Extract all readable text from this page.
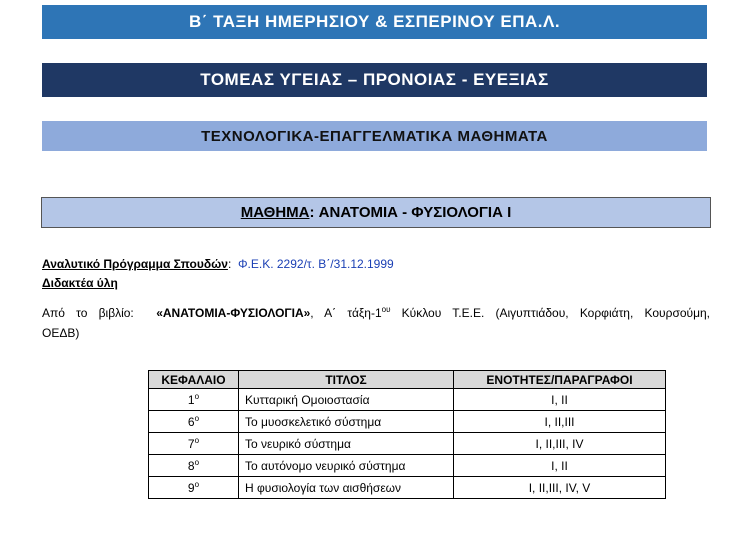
Β΄ ΤΑΞΗ ΗΜΕΡΗΣΙΟΥ & ΕΣΠΕΡΙΝΟΥ ΕΠΑ.Λ.
ΤΟΜΕΑΣ ΥΓΕΙΑΣ – ΠΡΟΝΟΙΑΣ - ΕΥΕΞΙΑΣ
ΤΕΧΝΟΛΟΓΙΚΑ-ΕΠΑΓΓΕΛΜΑΤΙΚΑ ΜΑΘΗΜΑΤΑ
ΜΑΘΗΜΑ :
ΑΝΑΤΟΜΙΑ - ΦΥΣΙΟΛΟΓΙΑ Ι
Αναλυτικό Πρόγραμμα Σπουδών: Φ.Ε.Κ. 2292/τ. Β΄/31.12.1999
Διδακτέα ύλη
Από το βιβλίο: «ΑΝΑΤΟΜΙΑ-ΦΥΣΙΟΛΟΓΙΑ», Α΄ τάξη-$1^{o\upsilon}$ Κύκλου Τ.Ε.Ε. (Αιγυπτιάδου, Κορφιάτη, Κουρσούμη,
ΟΕΔΒ)
ΚΕΦΑΛΑΙΟ	ΤΙΤΛΟΣ	ΕΝΟΤΗΤΕΣ/ΠΑΡΑΓΡΑΦΟΙ
$1^o$	Κυτταρική Ομοιοστασία	Ι, ΙΙ
$6^o$	Το μυοσκελετικό σύστημα	Ι, ΙΙ,ΙΙΙ
$7^o$	Το νευρικό σύστημα	Ι, ΙΙ,ΙΙΙ, IV
$8^o$	Το αυτόνομο νευρικό σύστημα	Ι, ΙΙ
$9^o$	Η φυσιολογία των αισθήσεων	Ι, ΙΙ,ΙΙΙ, IV, V
